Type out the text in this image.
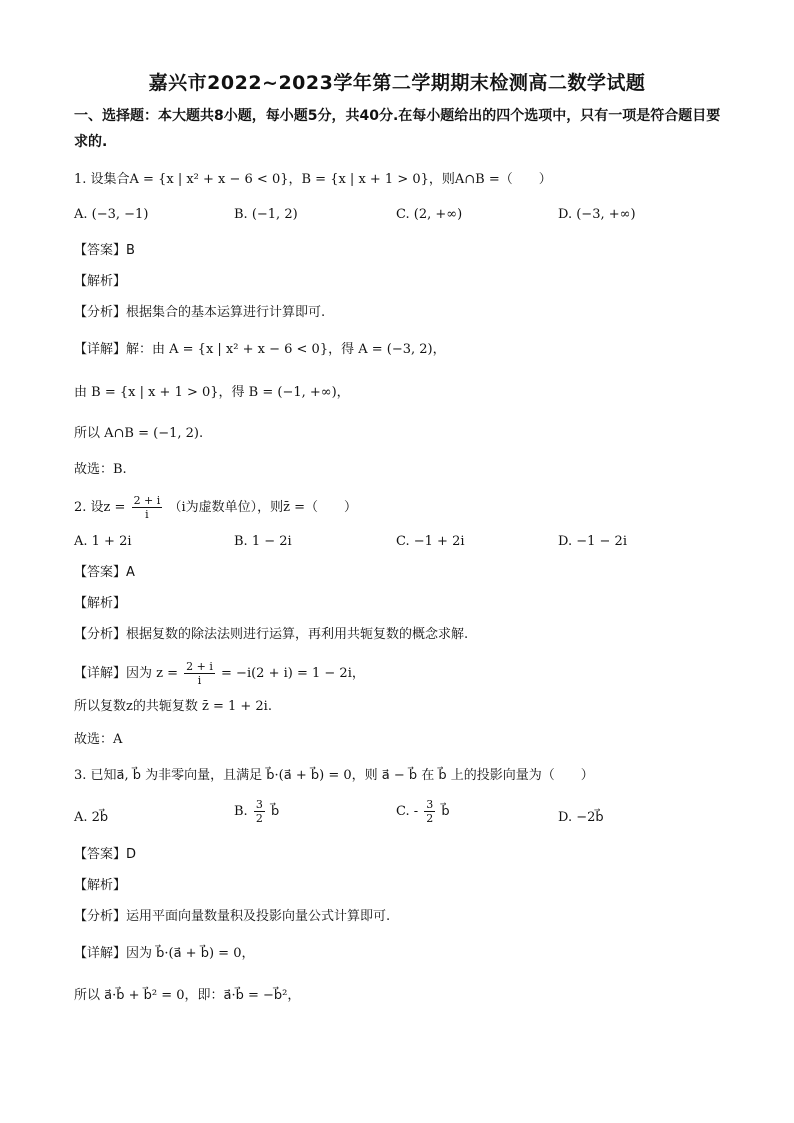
嘉兴市2022~2023学年第二学期期末检测高二数学试题
一、选择题：本大题共8小题，每小题5分，共40分.在每小题给出的四个选项中，只有一项是符合题目要求的.
1. 设集合A = {x | x² + x − 6 < 0}，B = {x | x + 1 > 0}，则A∩B =（　　）
A. (−3, −1)	B. (−1, 2)	C. (2, +∞)	D. (−3, +∞)
【答案】B
【解析】
【分析】根据集合的基本运算进行计算即可.
【详解】解：由 A = {x | x² + x − 6 < 0}，得 A = (−3, 2)，
由 B = {x | x + 1 > 0}，得 B = (−1, +∞)，
所以 A∩B = (−1, 2).
故选：B.
2. 设$z = \frac{2 + i}{i} (i$为虚数单位），则z̄ =（　　）
A. 1 + 2i	B. 1 − 2i	C. −1 + 2i	D. −1 − 2i
【答案】A
【解析】
【分析】根据复数的除法法则进行运算，再利用共轭复数的概念求解.
【详解】因为 $z = \frac{2 + i}{i} = -i(2 + i) = 1 - 2i$，
所以复数z的共轭复数 z̄ = 1 + 2i.
故选：A
3. 已知a⃗, b⃗ 为非零向量，且满足 b⃗·(a⃗ + b⃗) = 0，则 a⃗ − b⃗ 在 b⃗ 上的投影向量为（　　）
A. 2b⃗	B. $\frac{3}{2}$ b⃗	C. - $\frac{3}{2}$ b⃗	D. −2b⃗
【答案】D
【解析】
【分析】运用平面向量数量积及投影向量公式计算即可.
【详解】因为 b⃗·(a⃗ + b⃗) = 0，
所以 a⃗·b⃗ + b⃗² = 0，即：a⃗·b⃗ = −b⃗²，
